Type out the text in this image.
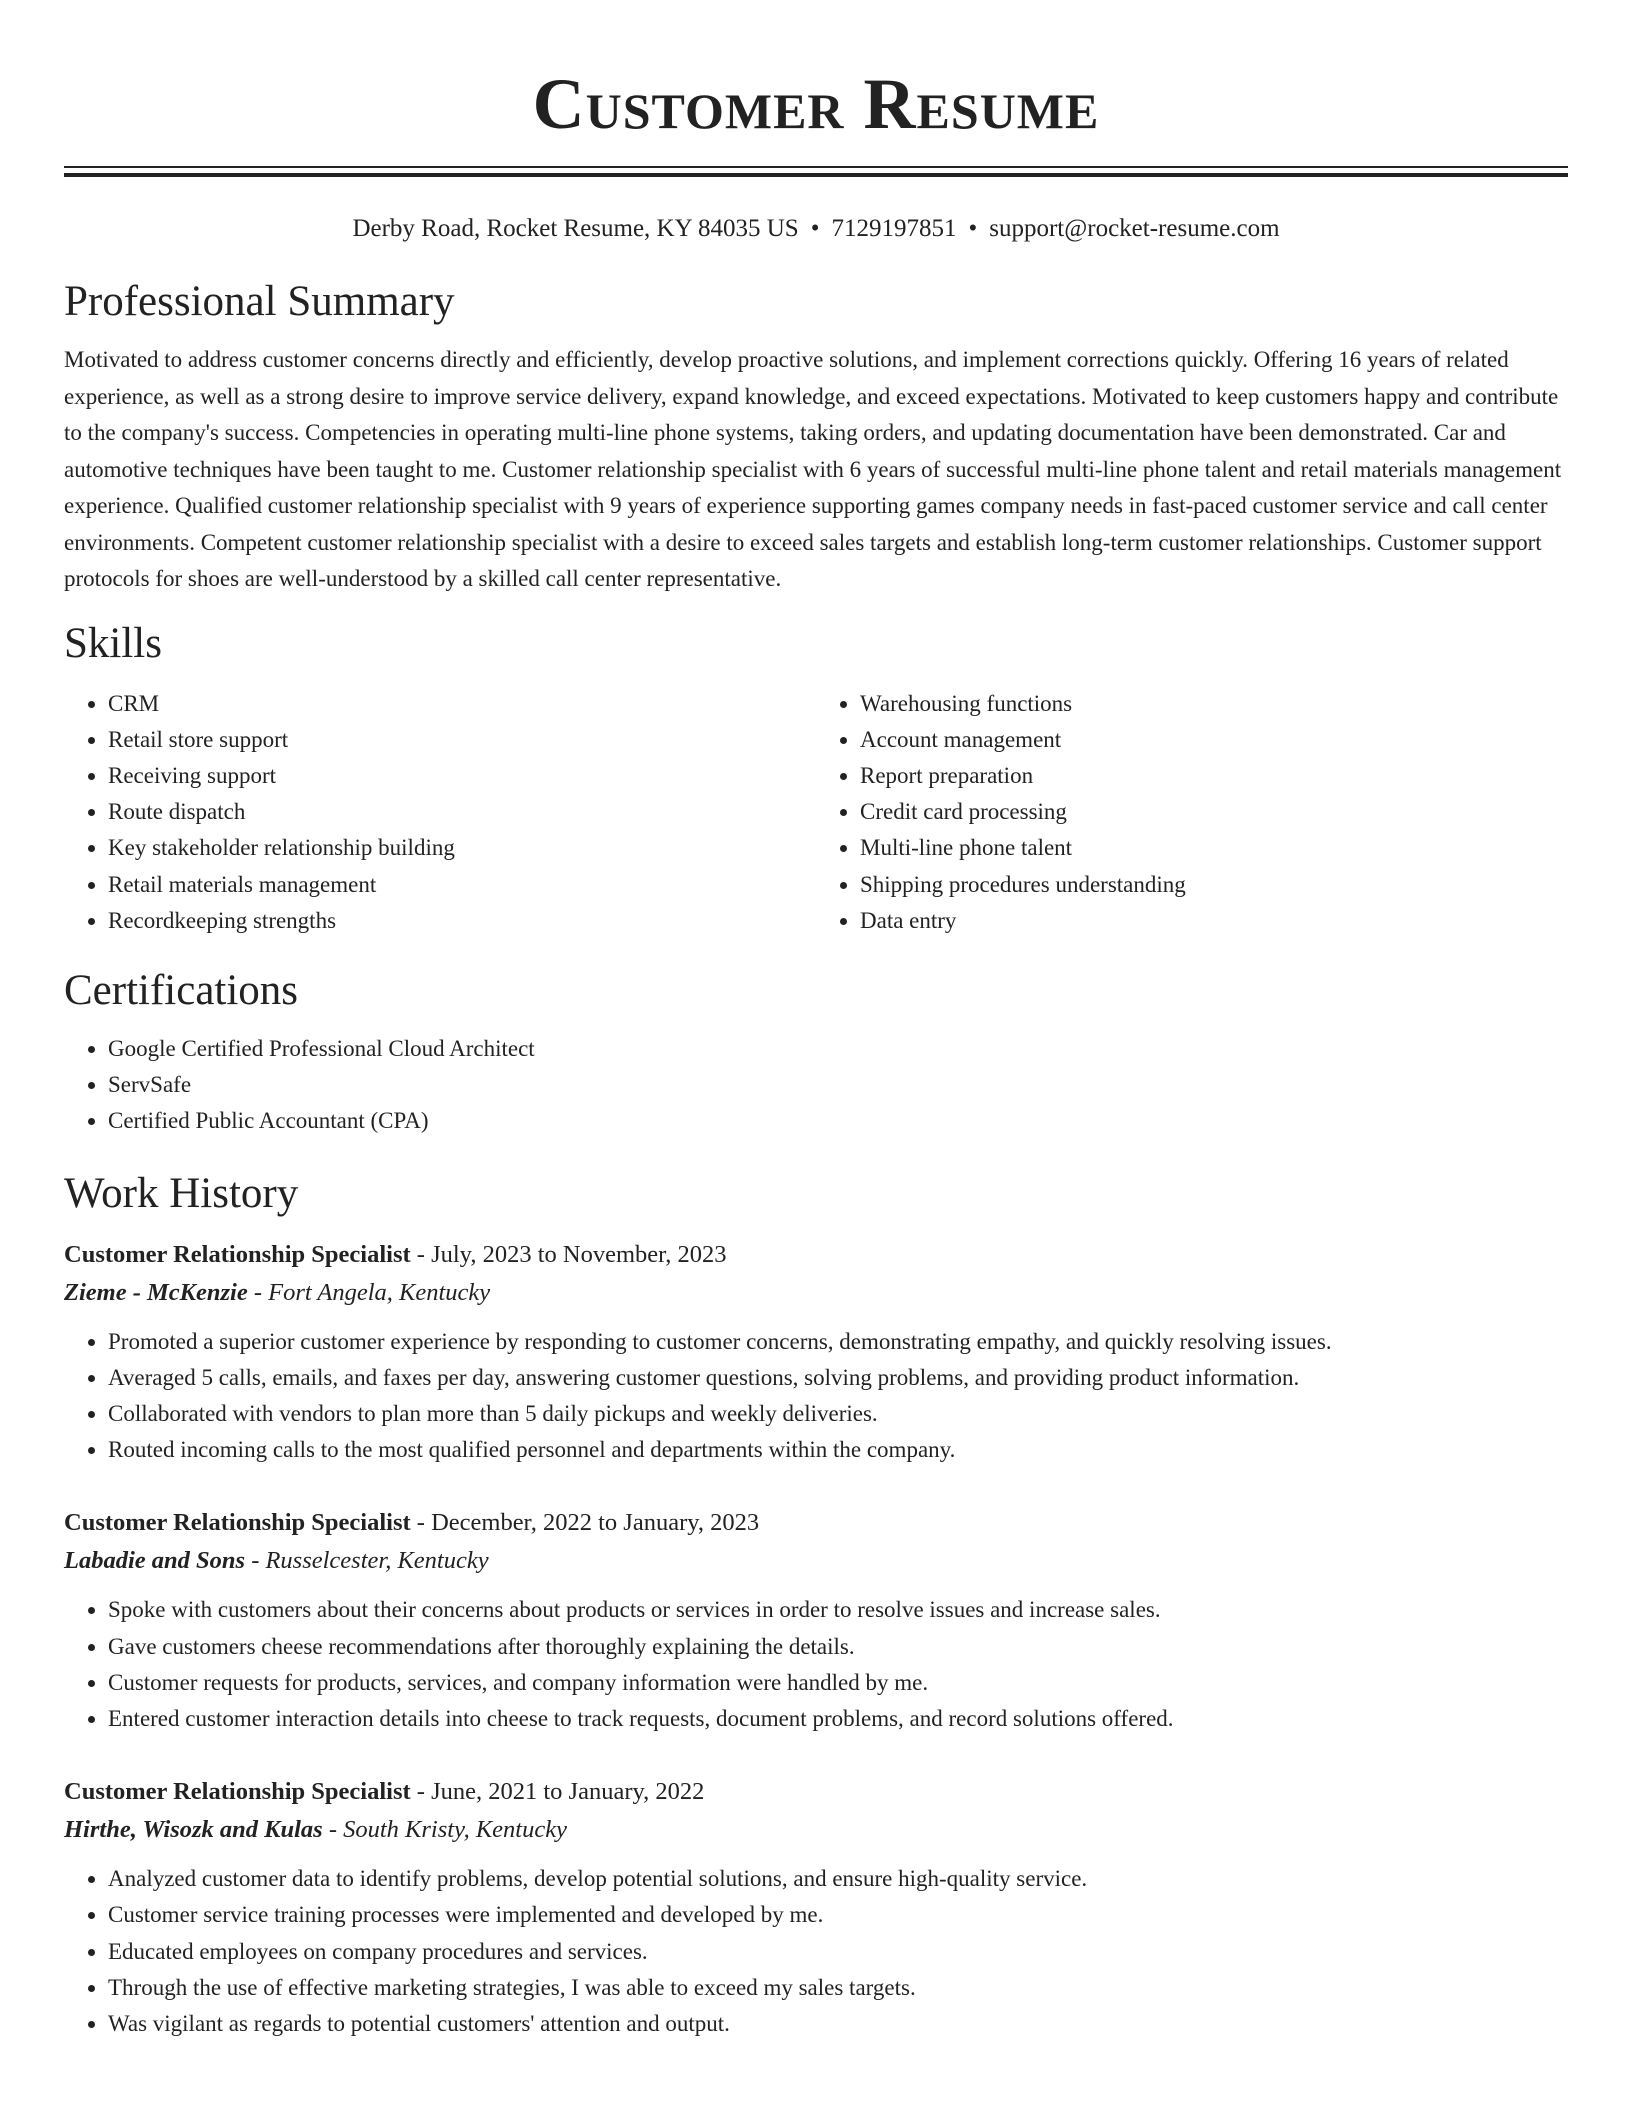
Customer Resume
Derby Road, Rocket Resume, KY 84035 US • 7129197851 • support@rocket-resume.com
Professional Summary
Motivated to address customer concerns directly and efficiently, develop proactive solutions, and implement corrections quickly. Offering 16 years of related experience, as well as a strong desire to improve service delivery, expand knowledge, and exceed expectations. Motivated to keep customers happy and contribute to the company's success. Competencies in operating multi-line phone systems, taking orders, and updating documentation have been demonstrated. Car and automotive techniques have been taught to me. Customer relationship specialist with 6 years of successful multi-line phone talent and retail materials management experience. Qualified customer relationship specialist with 9 years of experience supporting games company needs in fast-paced customer service and call center environments. Competent customer relationship specialist with a desire to exceed sales targets and establish long-term customer relationships. Customer support protocols for shoes are well-understood by a skilled call center representative.
Skills
• CRM
• Retail store support
• Receiving support
• Route dispatch
• Key stakeholder relationship building
• Retail materials management
• Recordkeeping strengths
• Warehousing functions
• Account management
• Report preparation
• Credit card processing
• Multi-line phone talent
• Shipping procedures understanding
• Data entry
Certifications
• Google Certified Professional Cloud Architect
• ServSafe
• Certified Public Accountant (CPA)
Work History
Customer Relationship Specialist - July, 2023 to November, 2023
Zieme - McKenzie - Fort Angela, Kentucky
• Promoted a superior customer experience by responding to customer concerns, demonstrating empathy, and quickly resolving issues.
• Averaged 5 calls, emails, and faxes per day, answering customer questions, solving problems, and providing product information.
• Collaborated with vendors to plan more than 5 daily pickups and weekly deliveries.
• Routed incoming calls to the most qualified personnel and departments within the company.
Customer Relationship Specialist - December, 2022 to January, 2023
Labadie and Sons - Russelcester, Kentucky
• Spoke with customers about their concerns about products or services in order to resolve issues and increase sales.
• Gave customers cheese recommendations after thoroughly explaining the details.
• Customer requests for products, services, and company information were handled by me.
• Entered customer interaction details into cheese to track requests, document problems, and record solutions offered.
Customer Relationship Specialist - June, 2021 to January, 2022
Hirthe, Wisozk and Kulas - South Kristy, Kentucky
• Analyzed customer data to identify problems, develop potential solutions, and ensure high-quality service.
• Customer service training processes were implemented and developed by me.
• Educated employees on company procedures and services.
• Through the use of effective marketing strategies, I was able to exceed my sales targets.
• Was vigilant as regards to potential customers' attention and output.
